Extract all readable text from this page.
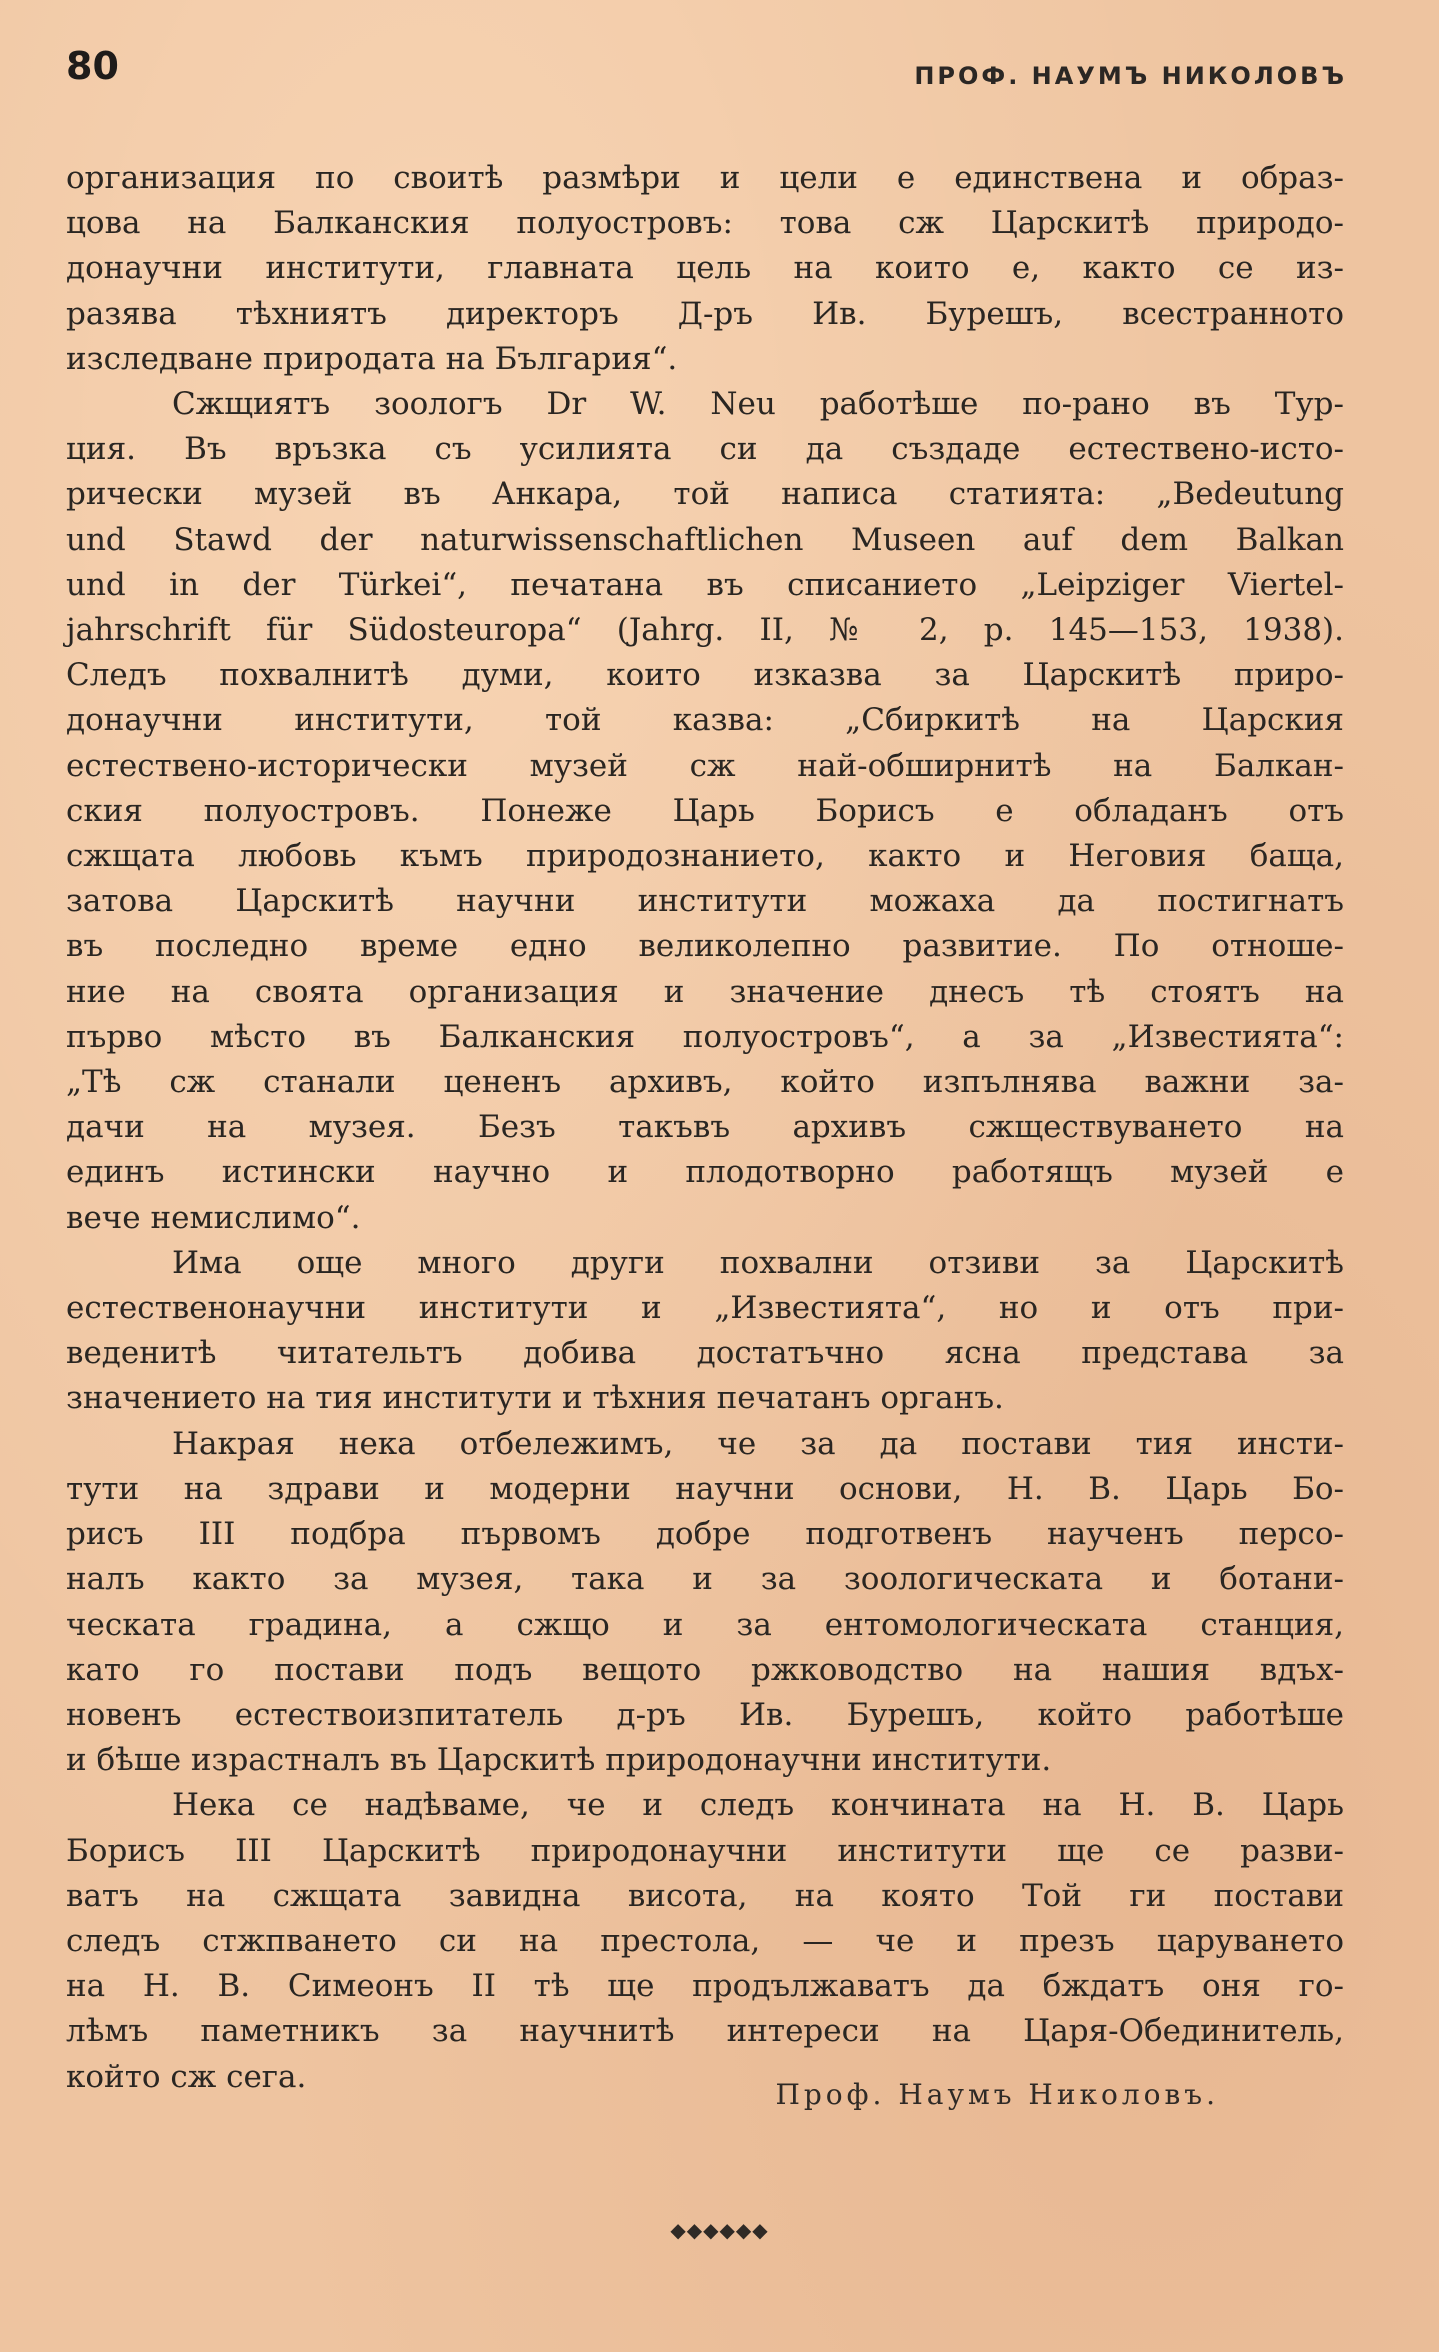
80	ПРОФ. НАУМЪ НИКОЛОВЪ

организация по своитѣ размѣри и цели е единствена и образ-

цова на Балканския полуостровъ: това сж Царскитѣ природо-

донаучни институти, главната цель на които е, както се из-

разява тѣхниятъ директоръ Д-ръ Ив. Бурешъ, всестранното

изследване природата на България“.

Сжщиятъ зоологъ Dr W. Neu работѣше по-рано въ Тур-

ция. Въ връзка съ усилията си да създаде естествено-исто-

рически музей въ Анкара, той написа статията: „Bedeutung

und Stawd der naturwissenschaftlichen Museen auf dem Balkan

und in der Türkei“, печатана въ списанието „Leipziger Viertel-

jahrschrift für Südosteuropa“ (Jahrg. II, № 2, p. 145—153, 1938).

Следъ похвалнитѣ думи, които изказва за Царскитѣ приро-

донаучни институти, той казва: „Сбиркитѣ на Царския

естествено-исторически музей сж най-обширнитѣ на Балкан-

ския полуостровъ. Понеже Царь Борисъ е обладанъ отъ

сжщата любовь къмъ природознанието, както и Неговия баща,

затова Царскитѣ научни институти можаха да постигнатъ

въ последно време едно великолепно развитие. По отноше-

ние на своята организация и значение днесъ тѣ стоятъ на

първо мѣсто въ Балканския полуостровъ“, а за „Известията“:

„Тѣ сж станали цененъ архивъ, който изпълнява важни за-

дачи на музея. Безъ такъвъ архивъ сжществуването на

единъ истински научно и плодотворно работящъ музей е

вече немислимо“.

Има още много други похвални отзиви за Царскитѣ

естественонаучни институти и „Известията“, но и отъ при-

веденитѣ читательтъ добива достатъчно ясна представа за

значението на тия институти и тѣхния печатанъ органъ.

Накрая нека отбележимъ, че за да постави тия инсти-

тути на здрави и модерни научни основи, Н. В. Царь Бо-

рисъ III подбра първомъ добре подготвенъ наученъ персо-

налъ както за музея, така и за зоологическата и ботани-

ческата градина, а сжщо и за ентомологическата станция,

като го постави подъ вещото ржководство на нашия вдъх-

новенъ естествоизпитатель д-ръ Ив. Бурешъ, който работѣше

и бѣше израстналъ въ Царскитѣ природонаучни институти.

Нека се надѣваме, че и следъ кончината на Н. В. Царь

Борисъ III Царскитѣ природонаучни институти ще се разви-

ватъ на сжщата завидна висота, на която Той ги постави

следъ стжпването си на престола, — че и презъ царуването

на Н. В. Симеонъ II тѣ ще продължаватъ да бждатъ оня го-

лѣмъ паметникъ за научнитѣ интереси на Царя-Обединитель,

който сж сега.	Проф. Наумъ Николовъ.
◆◆◆◆◆◆
